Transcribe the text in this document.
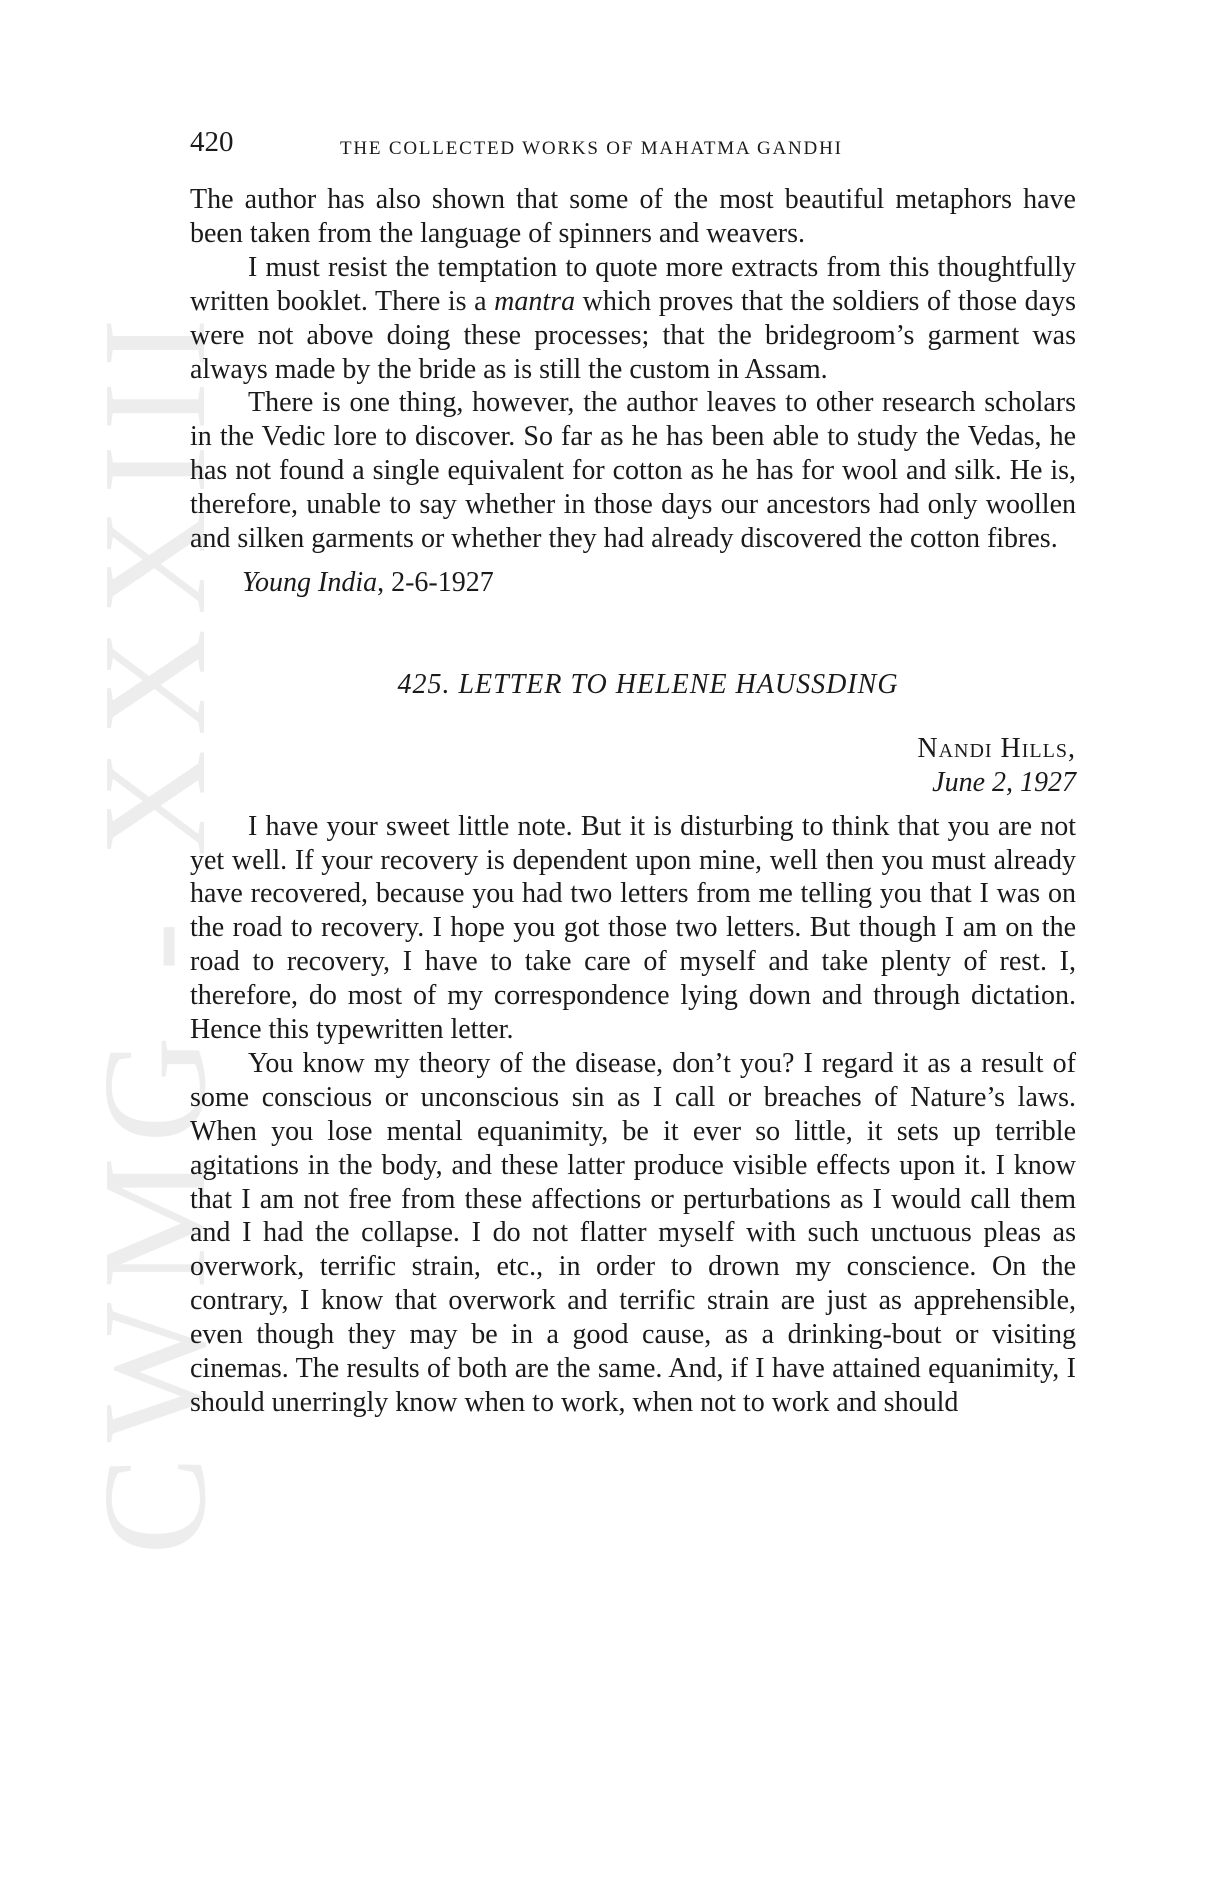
CWMG - XXXIII
420	THE COLLECTED WORKS OF MAHATMA GANDHI

The author has also shown that some of the most beautiful metaphors have been taken from the language of spinners and weavers.

I must resist the temptation to quote more extracts from this thoughtfully written booklet. There is a mantra which proves that the soldiers of those days were not above doing these processes; that the bridegroom’s garment was always made by the bride as is still the custom in Assam.

There is one thing, however, the author leaves to other research scholars in the Vedic lore to discover. So far as he has been able to study the Vedas, he has not found a single equivalent for cotton as he has for wool and silk. He is, therefore, unable to say whether in those days our ancestors had only woollen and silken garments or whether they had already discovered the cotton fibres.

Young India, 2-6-1927

425. LETTER TO HELENE HAUSSDING

Nandi Hills,

June 2, 1927

I have your sweet little note. But it is disturbing to think that you are not yet well. If your recovery is dependent upon mine, well then you must already have recovered, because you had two letters from me telling you that I was on the road to recovery. I hope you got those two letters. But though I am on the road to recovery, I have to take care of myself and take plenty of rest. I, therefore, do most of my correspondence lying down and through dictation. Hence this typewritten letter.

You know my theory of the disease, don’t you? I regard it as a result of some conscious or unconscious sin as I call or breaches of Nature’s laws. When you lose mental equanimity, be it ever so little, it sets up terrible agitations in the body, and these latter produce visible effects upon it. I know that I am not free from these affections or perturbations as I would call them and I had the collapse. I do not flatter myself with such unctuous pleas as overwork, terrific strain, etc., in order to drown my conscience. On the contrary, I know that overwork and terrific strain are just as apprehensible, even though they may be in a good cause, as a drinking-bout or visiting cinemas. The results of both are the same. And, if I have attained equanimity, I should unerringly know when to work, when not to work and should
